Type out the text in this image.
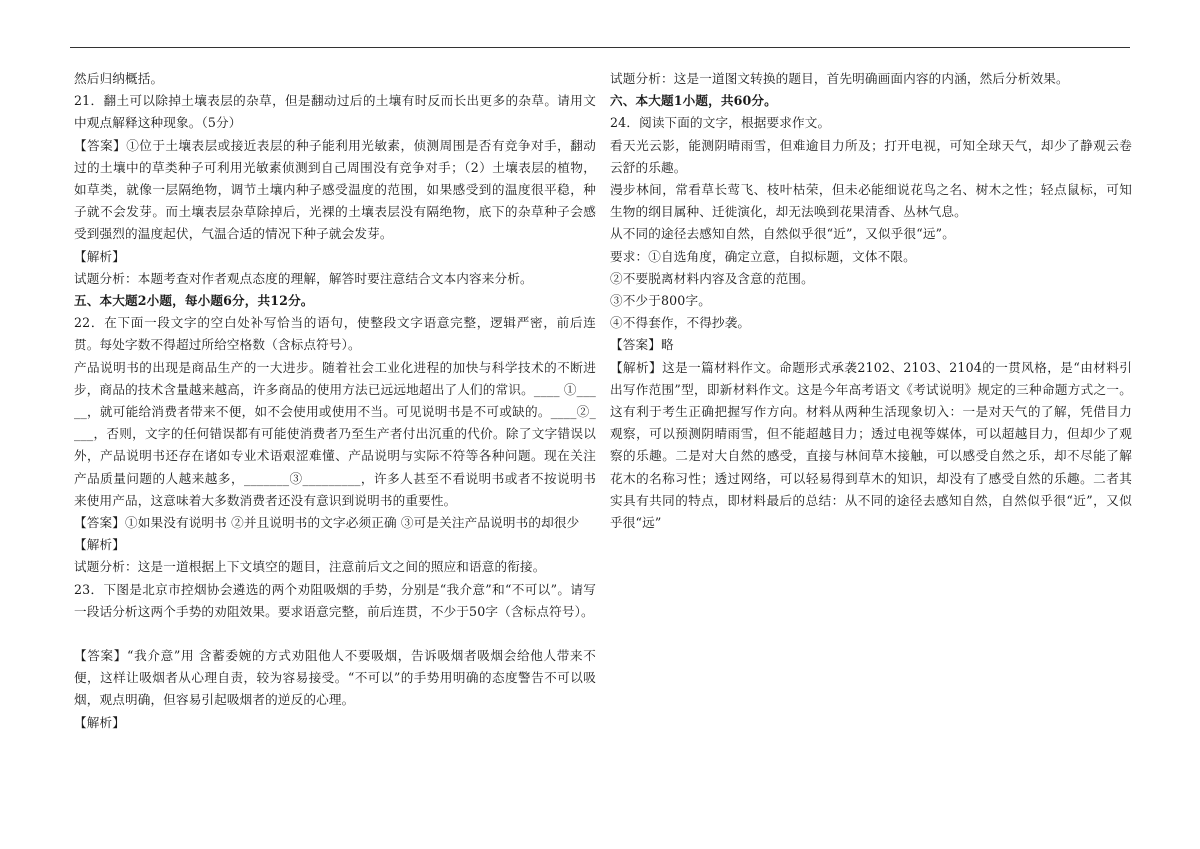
然后归纳概括。

21．翻土可以除掉土壤表层的杂草，但是翻动过后的土壤有时反而长出更多的杂草。请用文中观点解释这种现象。（5分）

【答案】①位于土壤表层或接近表层的种子能利用光敏素，侦测周围是否有竞争对手，翻动过的土壤中的草类种子可利用光敏素侦测到自己周围没有竞争对手；（2）土壤表层的植物，如草类，就像一层隔绝物，调节土壤内种子感受温度的范围，如果感受到的温度很平稳，种子就不会发芽。而土壤表层杂草除掉后，光裸的土壤表层没有隔绝物，底下的杂草种子会感受到强烈的温度起伏，气温合适的情况下种子就会发芽。

【解析】

试题分析：本题考查对作者观点态度的理解，解答时要注意结合文本内容来分析。

五、本大题2小题，每小题6分，共12分。

22．在下面一段文字的空白处补写恰当的语句，使整段文字语意完整，逻辑严密，前后连贯。每处字数不得超过所给空格数（含标点符号）。

产品说明书的出现是商品生产的一大进步。随着社会工业化进程的加快与科学技术的不断进步，商品的技术含量越来越高，许多商品的使用方法已远远地超出了人们的常识。____ ①_____，就可能给消费者带来不便，如不会使用或使用不当。可见说明书是不可或缺的。____②____，否则，文字的任何错误都有可能使消费者乃至生产者付出沉重的代价。除了文字错误以外，产品说明书还存在诸如专业术语艰涩难懂、产品说明与实际不符等各种问题。现在关注产品质量问题的人越来越多，_______③_________，许多人甚至不看说明书或者不按说明书来使用产品，这意味着大多数消费者还没有意识到说明书的重要性。

【答案】①如果没有说明书 ②并且说明书的文字必须正确 ③可是关注产品说明书的却很少

【解析】

试题分析：这是一道根据上下文填空的题目，注意前后文之间的照应和语意的衔接。

23．下图是北京市控烟协会遴选的两个劝阻吸烟的手势，分别是“我介意”和“不可以”。请写一段话分析这两个手势的劝阻效果。要求语意完整，前后连贯，不少于50字（含标点符号）。

【答案】“我介意”用 含蓄委婉的方式劝阻他人不要吸烟，告诉吸烟者吸烟会给他人带来不便，这样让吸烟者从心理自责，较为容易接受。“不可以”的手势用明确的态度警告不可以吸烟，观点明确，但容易引起吸烟者的逆反的心理。

【解析】

试题分析：这是一道图文转换的题目，首先明确画面内容的内涵，然后分析效果。

六、本大题1小题，共60分。

24．阅读下面的文字，根据要求作文。

看天光云影，能测阴晴雨雪，但难逾目力所及；打开电视，可知全球天气，却少了静观云卷云舒的乐趣。

漫步林间，常看草长莺飞、枝叶枯荣，但未必能细说花鸟之名、树木之性；轻点鼠标，可知生物的纲目属种、迁徙演化，却无法唤到花果清香、丛林气息。

从不同的途径去感知自然，自然似乎很“近”，又似乎很“远”。

要求：①自选角度，确定立意，自拟标题，文体不限。

②不要脱离材料内容及含意的范围。

③不少于800字。

④不得套作，不得抄袭。

【答案】略

【解析】这是一篇材料作文。命题形式承袭2102、2103、2104的一贯风格，是“由材料引出写作范围”型，即新材料作文。这是今年高考语文《考试说明》规定的三种命题方式之一。这有利于考生正确把握写作方向。材料从两种生活现象切入：一是对天气的了解，凭借目力观察，可以预测阴晴雨雪，但不能超越目力；透过电视等媒体，可以超越目力，但却少了观察的乐趣。二是对大自然的感受，直接与林间草木接触，可以感受自然之乐，却不尽能了解花木的名称习性；透过网络，可以轻易得到草木的知识，却没有了感受自然的乐趣。二者其实具有共同的特点，即材料最后的总结：从不同的途径去感知自然，自然似乎很“近”，又似乎很“远”
